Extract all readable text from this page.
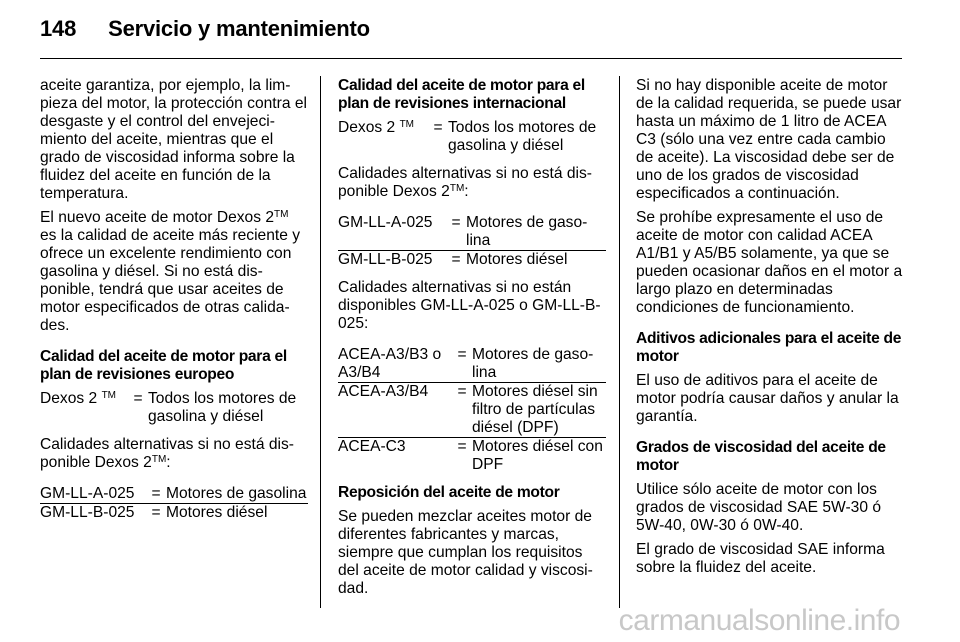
148 Servicio y mantenimiento

aceite garantiza, por ejemplo, la limpieza del motor, la protección contra el desgaste y el control del envejecimiento del aceite, mientras que el grado de viscosidad informa sobre la fluidez del aceite en función de la temperatura.

El nuevo aceite de motor Dexos 2™ es la calidad de aceite más reciente y ofrece un excelente rendimiento con gasolina y diésel. Si no está disponible, tendrá que usar aceites de motor especificados de otras calidades.

Calidad del aceite de motor para el plan de revisiones europeo

Dexos 2 ™	=	Todos los motores de gasolina y diésel

Calidades alternativas si no está disponible Dexos 2™:

GM-LL-A-025	=	Motores de gasolina
GM-LL-B-025	=	Motores diésel

Calidad del aceite de motor para el plan de revisiones internacional

Dexos 2 ™	=	Todos los motores de gasolina y diésel

Calidades alternativas si no está disponible Dexos 2™:

GM-LL-A-025	=	Motores de gasolina
GM-LL-B-025	=	Motores diésel

Calidades alternativas si no están disponibles GM-LL-A-025 o GM-LL-B-025:

ACEA-A3/B3 o A3/B4	=	Motores de gasolina
ACEA-A3/B4	=	Motores diésel sin filtro de partículas diésel (DPF)
ACEA-C3	=	Motores diésel con DPF

Reposición del aceite de motor

Se pueden mezclar aceites motor de diferentes fabricantes y marcas, siempre que cumplan los requisitos del aceite de motor calidad y viscosidad.

Si no hay disponible aceite de motor de la calidad requerida, se puede usar hasta un máximo de 1 litro de ACEA C3 (sólo una vez entre cada cambio de aceite). La viscosidad debe ser de uno de los grados de viscosidad especificados a continuación.

Se prohíbe expresamente el uso de aceite de motor con calidad ACEA A1/B1 y A5/B5 solamente, ya que se pueden ocasionar daños en el motor a largo plazo en determinadas condiciones de funcionamiento.

Aditivos adicionales para el aceite de motor

El uso de aditivos para el aceite de motor podría causar daños y anular la garantía.

Grados de viscosidad del aceite de motor

Utilice sólo aceite de motor con los grados de viscosidad SAE 5W-30 ó 5W-40, 0W-30 ó 0W-40.

El grado de viscosidad SAE informa sobre la fluidez del aceite.

carmanualsonline.info
